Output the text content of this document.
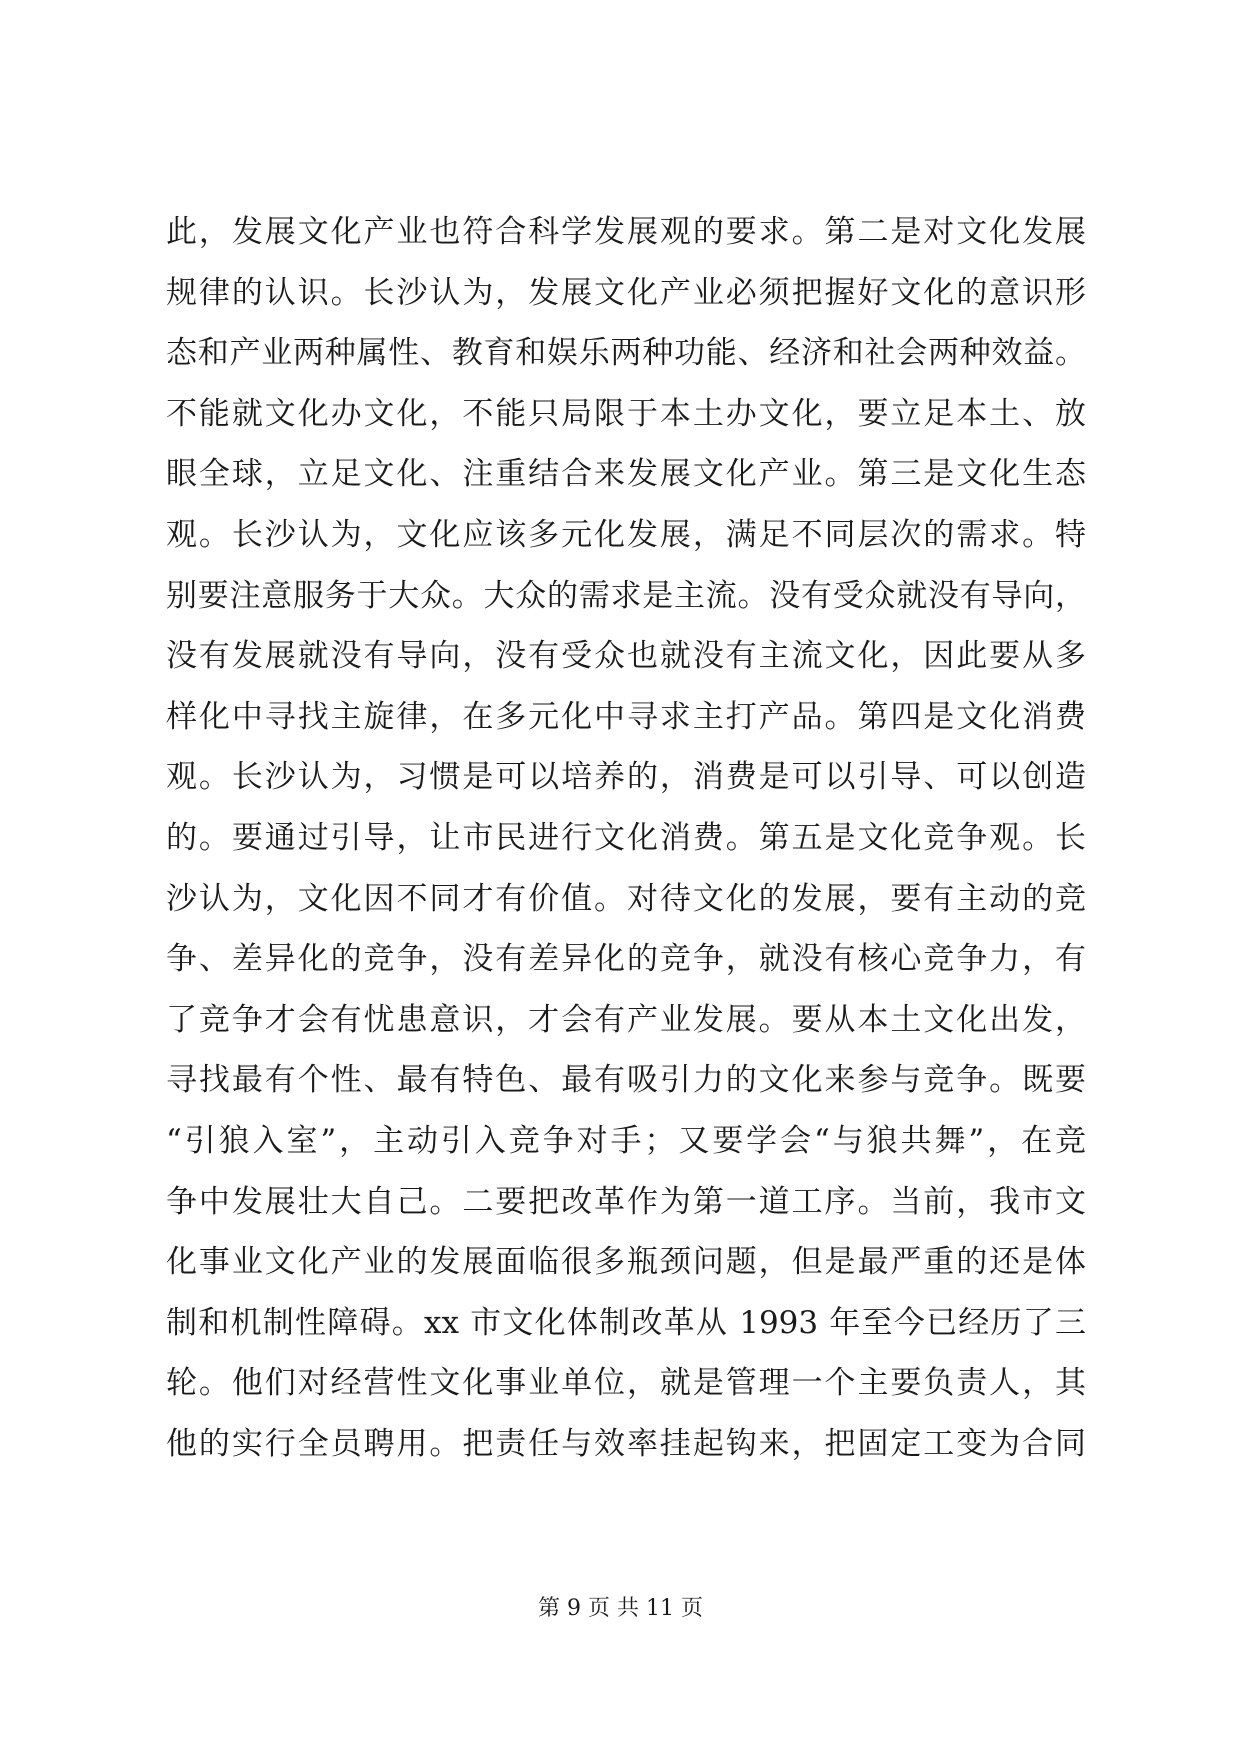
此，发展文化产业也符合科学发展观的要求。第二是对文化发展
规律的认识。长沙认为，发展文化产业必须把握好文化的意识形
态和产业两种属性、教育和娱乐两种功能、经济和社会两种效益。
不能就文化办文化，不能只局限于本土办文化，要立足本土、放
眼全球，立足文化、注重结合来发展文化产业。第三是文化生态
观。长沙认为，文化应该多元化发展，满足不同层次的需求。特
别要注意服务于大众。大众的需求是主流。没有受众就没有导向，
没有发展就没有导向，没有受众也就没有主流文化，因此要从多
样化中寻找主旋律，在多元化中寻求主打产品。第四是文化消费
观。长沙认为，习惯是可以培养的，消费是可以引导、可以创造
的。要通过引导，让市民进行文化消费。第五是文化竞争观。长
沙认为，文化因不同才有价值。对待文化的发展，要有主动的竞
争、差异化的竞争，没有差异化的竞争，就没有核心竞争力，有
了竞争才会有忧患意识，才会有产业发展。要从本土文化出发，
寻找最有个性、最有特色、最有吸引力的文化来参与竞争。既要
“引狼入室”，主动引入竞争对手；又要学会“与狼共舞”，在竞
争中发展壮大自己。二要把改革作为第一道工序。当前，我市文
化事业文化产业的发展面临很多瓶颈问题，但是最严重的还是体
制和机制性障碍。xx 市文化体制改革从 1993 年至今已经历了三
轮。他们对经营性文化事业单位，就是管理一个主要负责人，其
他的实行全员聘用。把责任与效率挂起钩来，把固定工变为合同
第 9 页 共 11 页
